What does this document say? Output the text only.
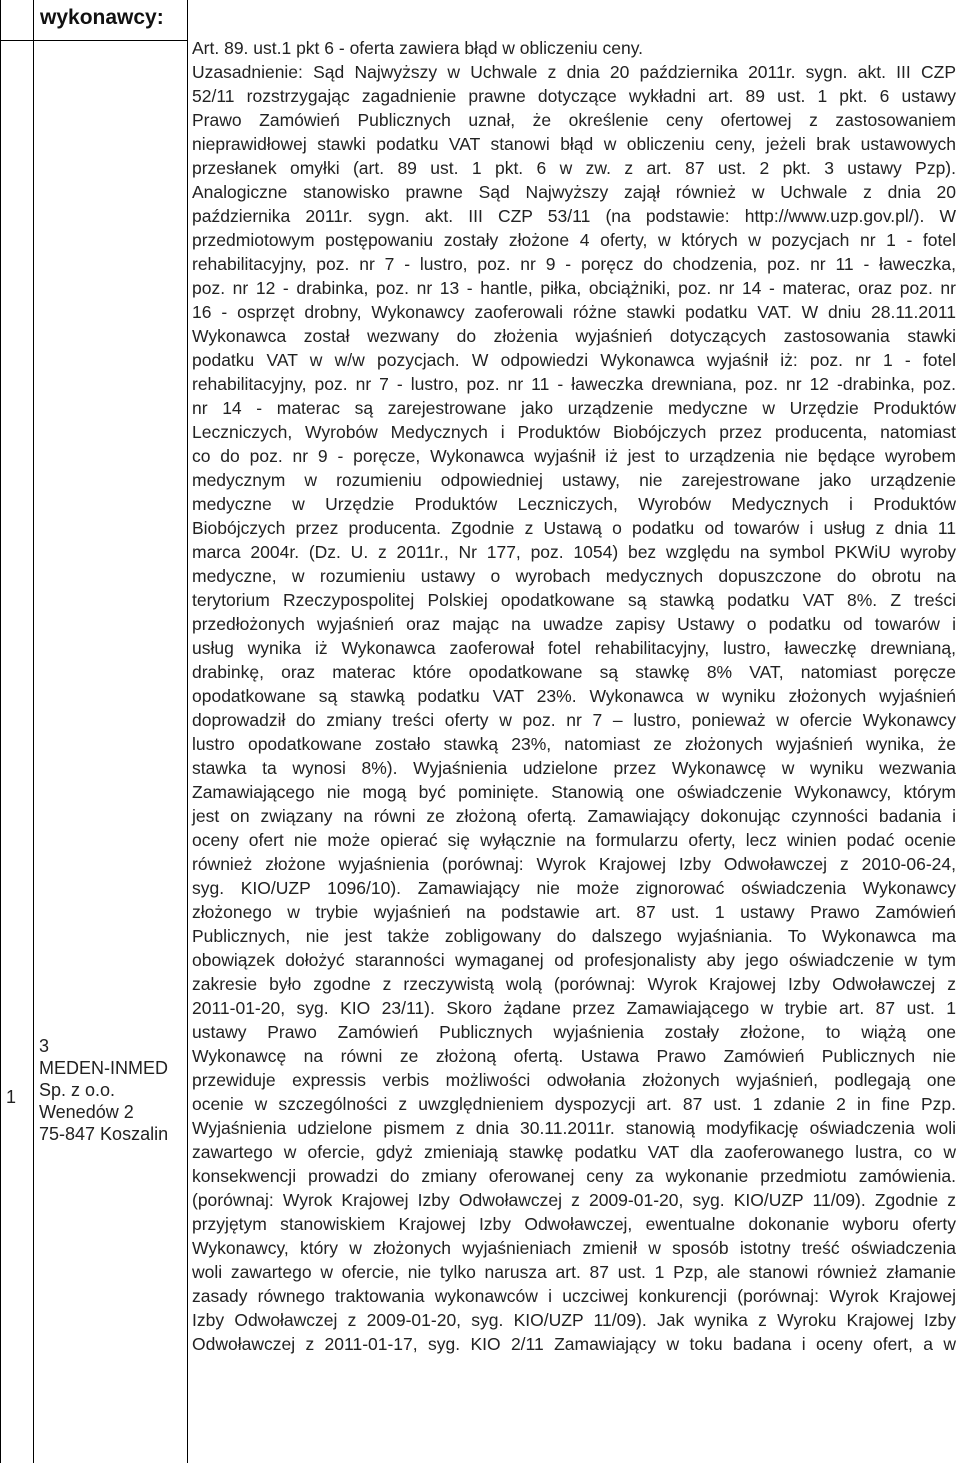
wykonawcy:
1
3
MEDEN-INMED
Sp. z o.o.
Wenedów 2
75-847 Koszalin

Art. 89. ust.1 pkt 6 - oferta zawiera błąd w obliczeniu ceny.

Uzasadnienie: Sąd Najwyższy w Uchwale z dnia 20 października 2011r. sygn. akt. III CZP

52/11 rozstrzygając zagadnienie prawne dotyczące wykładni art. 89 ust. 1 pkt. 6 ustawy

Prawo Zamówień Publicznych uznał, że określenie ceny ofertowej z zastosowaniem

nieprawidłowej stawki podatku VAT stanowi błąd w obliczeniu ceny, jeżeli brak ustawowych

przesłanek omyłki (art. 89 ust. 1 pkt. 6 w zw. z art. 87 ust. 2 pkt. 3 ustawy Pzp).

Analogiczne stanowisko prawne Sąd Najwyższy zajął również w Uchwale z dnia 20

października 2011r. sygn. akt. III CZP 53/11 (na podstawie: http://www.uzp.gov.pl/). W

przedmiotowym postępowaniu zostały złożone 4 oferty, w których w pozycjach nr 1 - fotel

rehabilitacyjny, poz. nr 7 - lustro, poz. nr 9 - poręcz do chodzenia, poz. nr 11 - ławeczka,

poz. nr 12 - drabinka, poz. nr 13 - hantle, piłka, obciążniki, poz. nr 14 - materac, oraz poz. nr

16 - osprzęt drobny, Wykonawcy zaoferowali różne stawki podatku VAT. W dniu 28.11.2011

Wykonawca został wezwany do złożenia wyjaśnień dotyczących zastosowania stawki

podatku VAT w w/w pozycjach. W odpowiedzi Wykonawca wyjaśnił iż: poz. nr 1 - fotel

rehabilitacyjny, poz. nr 7 - lustro, poz. nr 11 - ławeczka drewniana, poz. nr 12 -drabinka, poz.

nr 14 - materac są zarejestrowane jako urządzenie medyczne w Urzędzie Produktów

Leczniczych, Wyrobów Medycznych i Produktów Biobójczych przez producenta, natomiast

co do poz. nr 9 - poręcze, Wykonawca wyjaśnił iż jest to urządzenia nie będące wyrobem

medycznym w rozumieniu odpowiedniej ustawy, nie zarejestrowane jako urządzenie

medyczne w Urzędzie Produktów Leczniczych, Wyrobów Medycznych i Produktów

Biobójczych przez producenta. Zgodnie z Ustawą o podatku od towarów i usług z dnia 11

marca 2004r. (Dz. U. z 2011r., Nr 177, poz. 1054) bez względu na symbol PKWiU wyroby

medyczne, w rozumieniu ustawy o wyrobach medycznych dopuszczone do obrotu na

terytorium Rzeczypospolitej Polskiej opodatkowane są stawką podatku VAT 8%. Z treści

przedłożonych wyjaśnień oraz mając na uwadze zapisy Ustawy o podatku od towarów i

usług wynika iż Wykonawca zaoferował fotel rehabilitacyjny, lustro, ławeczkę drewnianą,

drabinkę, oraz materac które opodatkowane są stawkę 8% VAT, natomiast poręcze

opodatkowane są stawką podatku VAT 23%. Wykonawca w wyniku złożonych wyjaśnień

doprowadził do zmiany treści oferty w poz. nr 7 – lustro, ponieważ w ofercie Wykonawcy

lustro opodatkowane zostało stawką 23%, natomiast ze złożonych wyjaśnień wynika, że

stawka ta wynosi 8%). Wyjaśnienia udzielone przez Wykonawcę w wyniku wezwania

Zamawiającego nie mogą być pominięte. Stanowią one oświadczenie Wykonawcy, którym

jest on związany na równi ze złożoną ofertą. Zamawiający dokonując czynności badania i

oceny ofert nie może opierać się wyłącznie na formularzu oferty, lecz winien podać ocenie

również złożone wyjaśnienia (porównaj: Wyrok Krajowej Izby Odwoławczej z 2010-06-24,

syg. KIO/UZP 1096/10). Zamawiający nie może zignorować oświadczenia Wykonawcy

złożonego w trybie wyjaśnień na podstawie art. 87 ust. 1 ustawy Prawo Zamówień

Publicznych, nie jest także zobligowany do dalszego wyjaśniania. To Wykonawca ma

obowiązek dołożyć staranności wymaganej od profesjonalisty aby jego oświadczenie w tym

zakresie było zgodne z rzeczywistą wolą (porównaj: Wyrok Krajowej Izby Odwoławczej z

2011-01-20, syg. KIO 23/11). Skoro żądane przez Zamawiającego w trybie art. 87 ust. 1

ustawy Prawo Zamówień Publicznych wyjaśnienia zostały złożone, to wiążą one

Wykonawcę na równi ze złożoną ofertą. Ustawa Prawo Zamówień Publicznych nie

przewiduje expressis verbis możliwości odwołania złożonych wyjaśnień, podlegają one

ocenie w szczególności z uwzględnieniem dyspozycji art. 87 ust. 1 zdanie 2 in fine Pzp.

Wyjaśnienia udzielone pismem z dnia 30.11.2011r. stanowią modyfikację oświadczenia woli

zawartego w ofercie, gdyż zmieniają stawkę podatku VAT dla zaoferowanego lustra, co w

konsekwencji prowadzi do zmiany oferowanej ceny za wykonanie przedmiotu zamówienia.

(porównaj: Wyrok Krajowej Izby Odwoławczej z 2009-01-20, syg. KIO/UZP 11/09). Zgodnie z

przyjętym stanowiskiem Krajowej Izby Odwoławczej, ewentualne dokonanie wyboru oferty

Wykonawcy, który w złożonych wyjaśnieniach zmienił w sposób istotny treść oświadczenia

woli zawartego w ofercie, nie tylko narusza art. 87 ust. 1 Pzp, ale stanowi również złamanie

zasady równego traktowania wykonawców i uczciwej konkurencji (porównaj: Wyrok Krajowej

Izby Odwoławczej z 2009-01-20, syg. KIO/UZP 11/09). Jak wynika z Wyroku Krajowej Izby

Odwoławczej z 2011-01-17, syg. KIO 2/11 Zamawiający w toku badana i oceny ofert, a w
